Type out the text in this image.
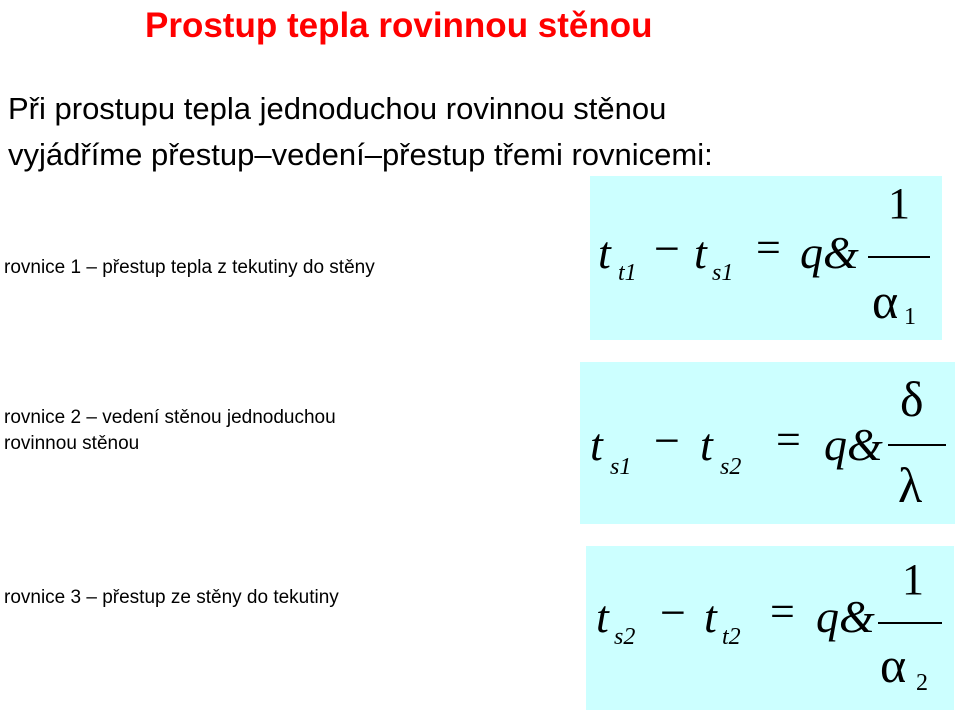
Prostup tepla rovinnou stěnou
Při prostupu tepla jednoduchou rovinnou stěnou
vyjádříme přestup–vedení–přestup třemi rovnicemi:
rovnice 1 – přestup tepla z tekutiny do stěny	t t1 − t s1
= q&
1
α 1
rovnice 2 – vedení stěnou jednoduchou
rovinnou stěnou	t s1
− t s2
= q&
δ
λ
rovnice 3 – přestup ze stěny do tekutiny	t s2 − t t2
= q&
1
α 2
